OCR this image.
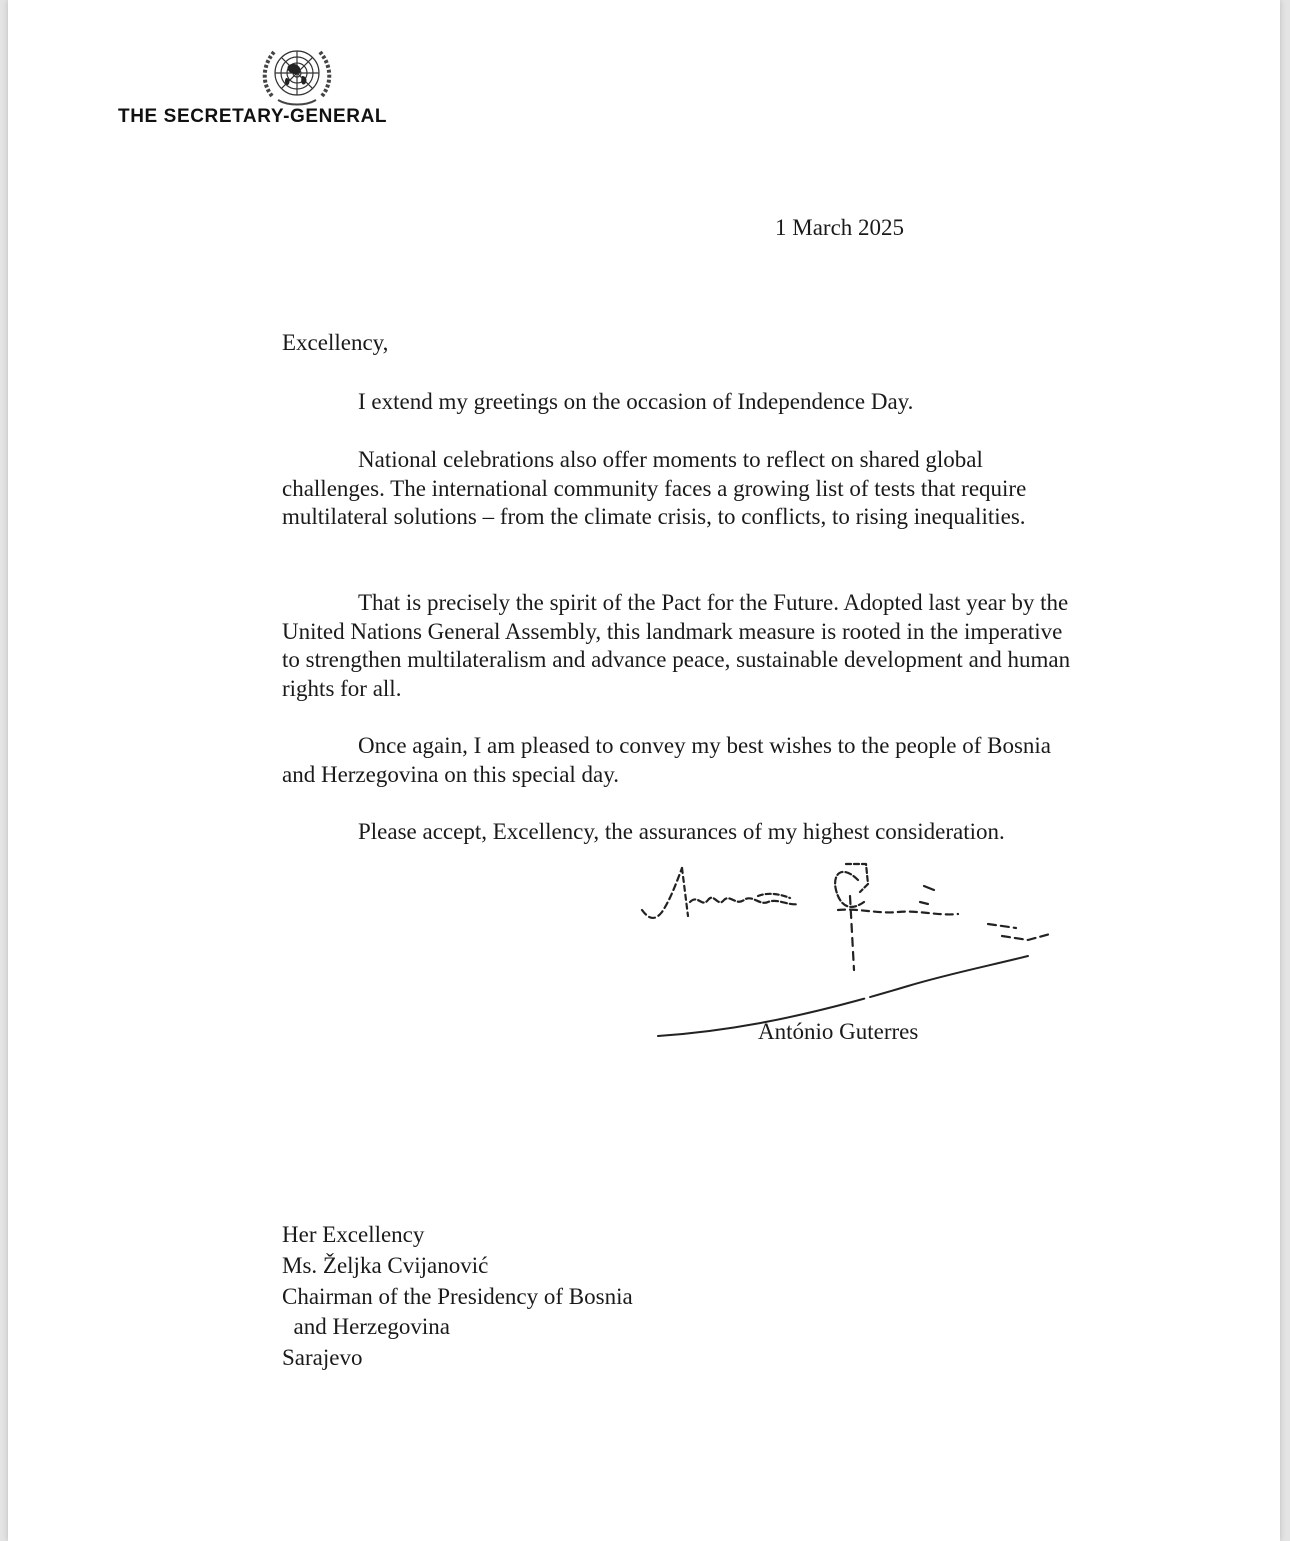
THE SECRETARY-GENERAL
1 March 2025
Excellency,

I extend my greetings on the occasion of Independence Day.

National celebrations also offer moments to reflect on shared global challenges. The international community faces a growing list of tests that require multilateral solutions – from the climate crisis, to conflicts, to rising inequalities.

That is precisely the spirit of the Pact for the Future. Adopted last year by the United Nations General Assembly, this landmark measure is rooted in the imperative to strengthen multilateralism and advance peace, sustainable development and human rights for all.

Once again, I am pleased to convey my best wishes to the people of Bosnia and Herzegovina on this special day.

Please accept, Excellency, the assurances of my highest consideration.

António Guterres
Her Excellency
Ms. Željka Cvijanović
Chairman of the Presidency of Bosnia
and Herzegovina
Sarajevo
